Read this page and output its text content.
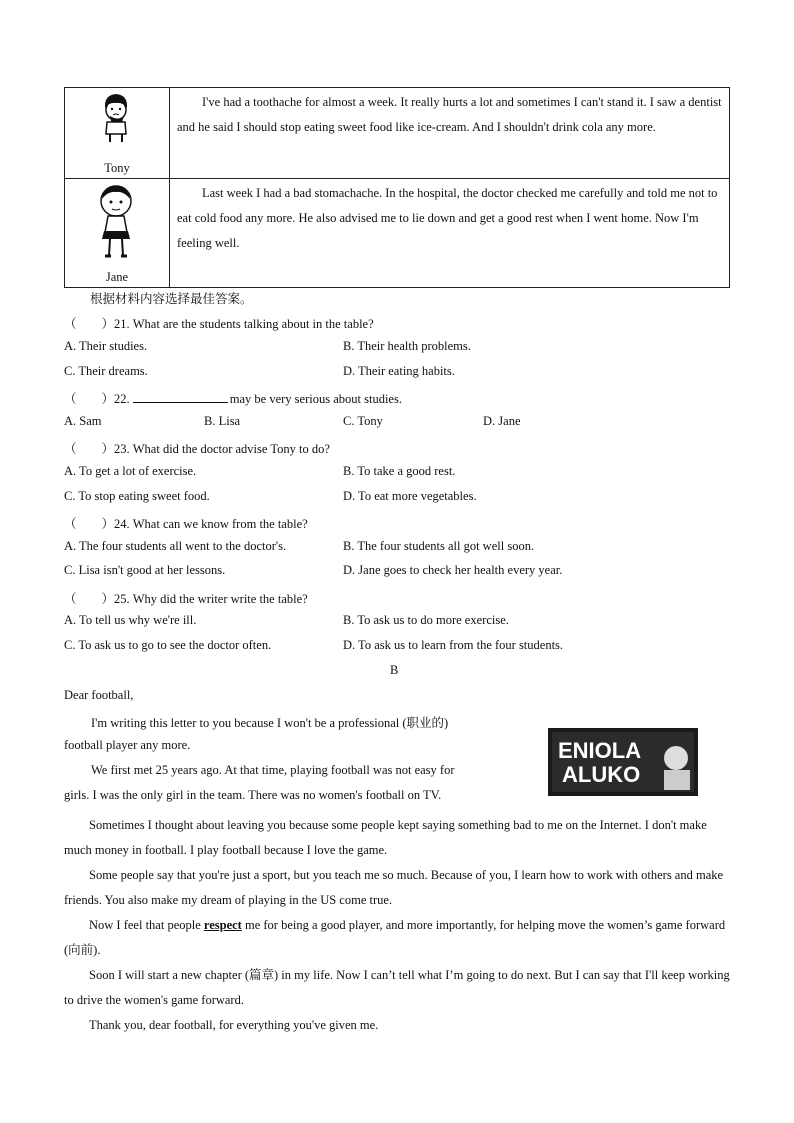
Tony	I've had a toothache for almost a week. It really hurts a lot and sometimes I can't stand it. I saw a dentist and he said I should stop eating sweet food like ice-cream. And I shouldn't drink cola any more.

Jane	Last week I had a bad stomachache. In the hospital, the doctor checked me carefully and told me not to eat cold food any more. He also advised me to lie down and get a good rest when I went home. Now I'm feeling well.
根据材料内容选择最佳答案。
（　　）21. What are the students talking about in the table?
A. Their studies.	B. Their health problems.
C. Their dreams.	D. Their eating habits.
（　　）22.	may be very serious about studies.
A. Sam	B. Lisa	C. Tony	D. Jane
（　　）23. What did the doctor advise Tony to do?
A. To get a lot of exercise.	B. To take a good rest.
C. To stop eating sweet food.	D. To eat more vegetables.
（　　）24. What can we know from the table?
A. The four students all went to the doctor's.	B. The four students all got well soon.
C. Lisa isn't good at her lessons.	D. Jane goes to check her health every year.
（　　）25. Why did the writer write the table?
A. To tell us why we're ill.	B. To ask us to do more exercise.
C. To ask us to go to see the doctor often.	D. To ask us to learn from the four students.
B
Dear football,
I'm writing this letter to you because I won't be a professional (职业的)
football player any more.
We first met 25 years ago. At that time, playing football was not easy for
girls. I was the only girl in the team. There was no women's football on TV.
ENIOLA
ALUKO

Sometimes I thought about leaving you because some people kept saying something bad to me on the Internet. I don't make much money in football. I play football because I love the game.

Some people say that you're just a sport, but you teach me so much. Because of you, I learn how to work with others and make friends. You also make my dream of playing in the US come true.

Now I feel that people respect me for being a good player, and more importantly, for helping move the women’s game forward (向前).

Soon I will start a new chapter (篇章) in my life. Now I can’t tell what I’m going to do next. But I can say that I'll keep working to drive the women's game forward.

Thank you, dear football, for everything you've given me.
